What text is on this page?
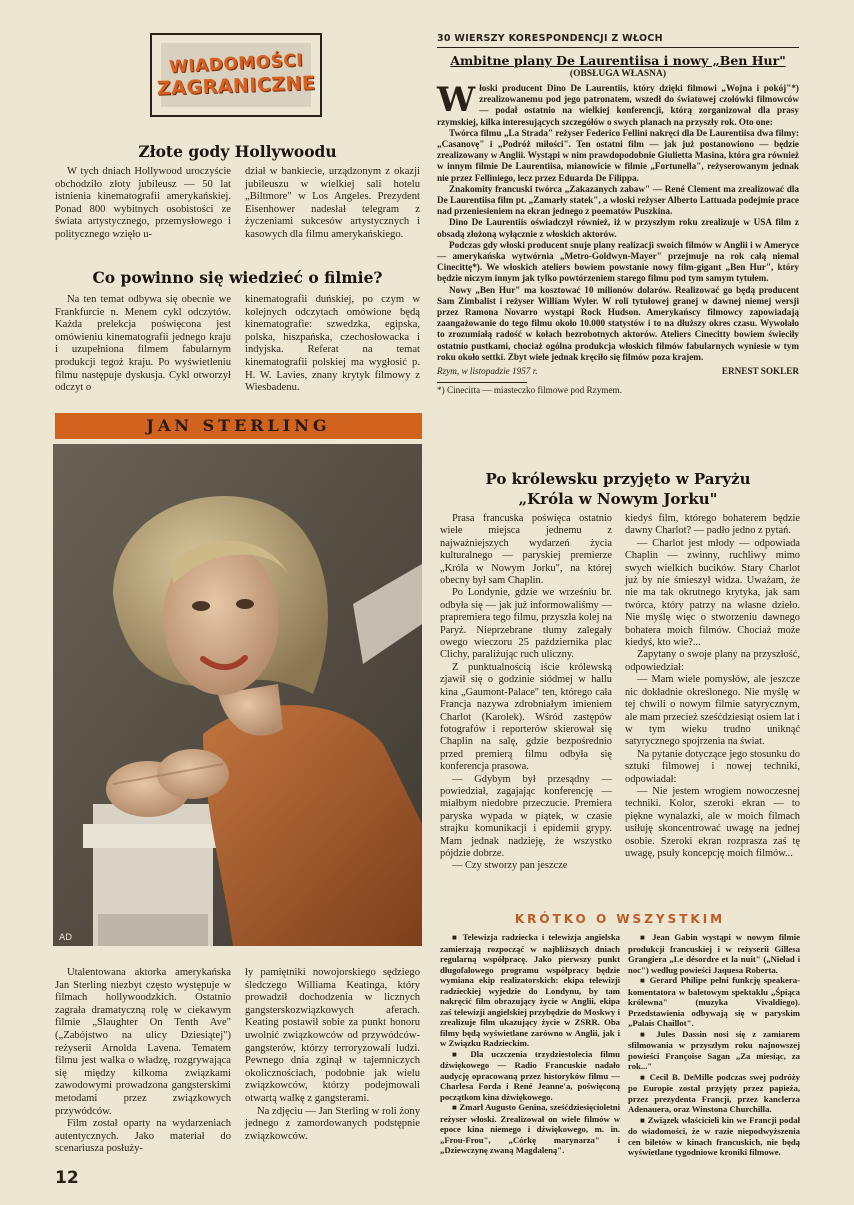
WIADOMOŚCI
ZAGRANICZNE
30 WIERSZY KORESPONDENCJI Z WŁOCH
Złote gody Hollywoodu

W tych dniach Hollywood uroczyście obchodziło złoty jubileusz — 50 lat istnienia kinematografii amerykańskiej. Ponad 800 wybitnych osobistości ze świata artystycznego, przemysłowego i politycznego wzięło u-

dział w bankiecie, urządzonym z okazji jubileuszu w wielkiej sali hotelu „Biltmore" w Los Angeles. Prezydent Eisenhower nadesłał telegram z życzeniami sukcesów artystycznych i kasowych dla filmu amerykańskiego.

Co powinno się wiedzieć o filmie?

Na ten temat odbywa się obecnie we Frankfurcie n. Menem cykl odczytów. Każda prelekcja poświęcona jest omówieniu kinematografii jednego kraju i uzupełniona filmem fabularnym produkcji tegoż kraju. Po wyświetleniu filmu następuje dyskusja. Cykl otworzył odczyt o

kinematografii duńskiej, po czym w kolejnych odczytach omówione będą kinematografie: szwedzka, egipska, polska, hiszpańska, czechosłowacka i indyjska. Referat na temat kinematografii polskiej ma wygłosić p. H. W. Lavies, znany krytyk filmowy z Wiesbadenu.

JAN STERLING
AD

Utalentowana aktorka amerykańska Jan Sterling niezbyt często występuje w filmach hollywoodzkich. Ostatnio zagrała dramatyczną rolę w ciekawym filmie „Slaughter On Tenth Ave" („Zabójstwo na ulicy Dziesiątej") reżyserii Arnolda Lavena. Tematem filmu jest walka o władzę, rozgrywająca się między kilkoma związkami zawodowymi prowadzona gangsterskimi metodami przez związkowych przywódców.

Film został oparty na wydarzeniach autentycznych. Jako materiał do scenariusza posłuży-

ły pamiętniki nowojorskiego sędziego śledczego Williama Keatinga, który prowadził dochodzenia w licznych gangsterskozwiązkowych aferach. Keating postawił sobie za punkt honoru uwolnić związkowców od przywódców-gangsterów, którzy terroryzowali ludzi. Pewnego dnia zginął w tajemniczych okolicznościach, podobnie jak wielu związkowców, którzy podejmowali otwartą walkę z gangsterami.

Na zdjęciu — Jan Sterling w roli żony jednego z zamordowanych podstępnie związkowców.

12
Ambitne plany De Laurentiisa i nowy „Ben Hur"
(OBSŁUGA WŁASNA)

Włoski producent Dino De Laurentiis, który dzięki filmowi „Wojna i pokój"*) zrealizowanemu pod jego patronatem, wszedł do światowej czołówki filmowców — podał ostatnio na wielkiej konferencji, którą zorganizował dla prasy rzymskiej, kilka interesujących szczegółów o swych planach na przyszły rok. Oto one:

Twórca filmu „La Strada" reżyser Federico Fellini nakręci dla De Laurentiisa dwa filmy: „Casanovę" i „Podróż miłości". Ten ostatni film — jak już postanowiono — będzie zrealizowany w Anglii. Wystąpi w nim prawdopodobnie Giulietta Masina, która gra również w innym filmie De Laurentiisa, mianowicie w filmie „Fortunella", reżyserowanym jednak nie przez Felliniego, lecz przez Eduarda De Filippa.

Znakomity francuski twórca „Zakazanych zabaw" — René Clement ma zrealizować dla De Laurentiisa film pt. „Zamarły statek", a włoski reżyser Alberto Lattuada podejmie prace nad przeniesieniem na ekran jednego z poematów Puszkina.

Dino De Laurentiis oświadczył również, iż w przyszłym roku zrealizuje w USA film z obsadą złożoną wyłącznie z włoskich aktorów.

Podczas gdy włoski producent snuje plany realizacji swoich filmów w Anglii i w Ameryce — amerykańska wytwórnia „Metro-Goldwyn-Mayer" przejmuje na rok całą niemal Cinecittę*). We włoskich ateliers bowiem powstanie nowy film-gigant „Ben Hur", który będzie niczym innym jak tylko powtórzeniem starego filmu pod tym samym tytułem.

Nowy „Ben Hur" ma kosztować 10 milionów dolarów. Realizować go będą producent Sam Zimbalist i reżyser William Wyler. W roli tytułowej granej w dawnej niemej wersji przez Ramona Novarro wystąpi Rock Hudson. Amerykańscy filmowcy zapowiadają zaangażowanie do tego filmu około 10.000 statystów i to na dłuższy okres czasu. Wywołało to zrozumiałą radość w kołach bezrobotnych aktorów. Ateliers Cinecitty bowiem świeciły ostatnio pustkami, chociaż ogólna produkcja włoskich filmów fabularnych wyniesie w tym roku około settki. Zbyt wiele jednak kręciło się filmów poza krajem.

Rzym, w listopadzie 1957 r.	ERNEST SOKLER
*) Cinecitta — miasteczko filmowe pod Rzymem.
Po królewsku przyjęto w Paryżu
„Króla w Nowym Jorku"

Prasa francuska poświęca ostatnio wiele miejsca jednemu z najważniejszych wydarzeń życia kulturalnego — paryskiej premierze „Króla w Nowym Jorku", na której obecny był sam Chaplin.

Po Londynie, gdzie we wrześniu br. odbyła się — jak już informowaliśmy — prapremiera tego filmu, przyszła kolej na Paryż. Nieprzebrane tłumy zalegały owego wieczoru 25 października plac Clichy, paraliżując ruch uliczny.

Z punktualnością iście królewską zjawił się o godzinie siódmej w hallu kina „Gaumont-Palace" ten, którego cała Francja nazywa zdrobniałym imieniem Charlot (Karolek). Wśród zastępów fotografów i reporterów skierował się Chaplin na salę, gdzie bezpośrednio przed premierą filmu odbyła się konferencja prasowa.

— Gdybym był przesądny — powiedział, zagajając konferencję — miałbym niedobre przeczucie. Premiera paryska wypada w piątek, w czasie strajku komunikacji i epidemii grypy. Mam jednak nadzieję, że wszystko pójdzie dobrze.

— Czy stworzy pan jeszcze

kiedyś film, którego bohaterem będzie dawny Charlot? — padło jedno z pytań.

— Charlot jest młody — odpowiada Chaplin — zwinny, ruchliwy mimo swych wielkich bucików. Stary Charlot już by nie śmieszył widza. Uważam, że nie ma tak okrutnego krytyka, jak sam twórca, który patrzy na własne dzieło. Nie myślę więc o stworzeniu dawnego bohatera moich filmów. Chociaż może kiedyś, kto wie?...

Zapytany o swoje plany na przyszłość, odpowiedział:

— Mam wiele pomysłów, ale jeszcze nic dokładnie określonego. Nie myślę w tej chwili o nowym filmie satyrycznym, ale mam przecież sześćdziesiąt osiem lat i w tym wieku trudno uniknąć satyrycznego spojrzenia na świat.

Na pytanie dotyczące jego stosunku do sztuki filmowej i nowej techniki, odpowiadał:

— Nie jestem wrogiem nowoczesnej techniki. Kolor, szeroki ekran — to piękne wynalazki, ale w moich filmach usiłuję skoncentrować uwagę na jednej osobie. Szeroki ekran rozprasza zaś tę uwagę, psuły koncepcję moich filmów...

KRÓTKO O WSZYSTKIM

■ Telewizja radziecka i telewizja angielska zamierzają rozpocząć w najbliższych dniach regularną współpracę. Jako pierwszy punkt długofalowego programu współpracy będzie wymiana ekip realizatorskich: ekipa telewizji radzieckiej wyjedzie do Londynu, by tam nakręcić film obrazujący życie w Anglii, ekipa zaś telewizji angielskiej przybędzie do Moskwy i zrealizuje film ukazujący życie w ZSRR. Oba filmy będą wyświetlane zarówno w Anglii, jak i w Związku Radzieckim.

■ Dla uczczenia trzydziestolecia filmu dźwiękowego — Radio Francuskie nadało audycję opracowaną przez historyków filmu — Charlesa Forda i René Jeanne'a, poświęconą początkom kina dźwiękowego.

■ Zmarł Augusto Genina, sześćdziesięcioletni reżyser włoski. Zrealizował on wiele filmów w epoce kina niemego i dźwiękowego, m. in. „Frou-Frou", „Córkę marynarza" i „Dziewczynę zwaną Magdaleną".

■ Jean Gabin wystąpi w nowym filmie produkcji francuskiej i w reżyserii Gillesa Grangiera „Le désordre et la nuit" („Nieład i noc") według powieści Jaquesa Roberta.

■ Gerard Philipe pełni funkcję speakera-komentatora w baletowym spektaklu „Śpiąca królewna" (muzyka Vivaldiego). Przedstawienia odbywają się w paryskim „Palais Chaillot".

■ Jules Dassin nosi się z zamiarem sfilmowania w przyszłym roku najnowszej powieści Françoise Sagan „Za miesiąc, za rok..."

■ Cecil B. DeMille podczas swej podróży po Europie został przyjęty przez papieża, przez prezydenta Francji, przez kanclerza Adenauera, oraz Winstona Churchilla.

■ Związek właścicieli kin we Francji podał do wiadomości, że w razie niepodwyższenia cen biletów w kinach francuskich, nie będą wyświetlane tygodniowe kroniki filmowe.
